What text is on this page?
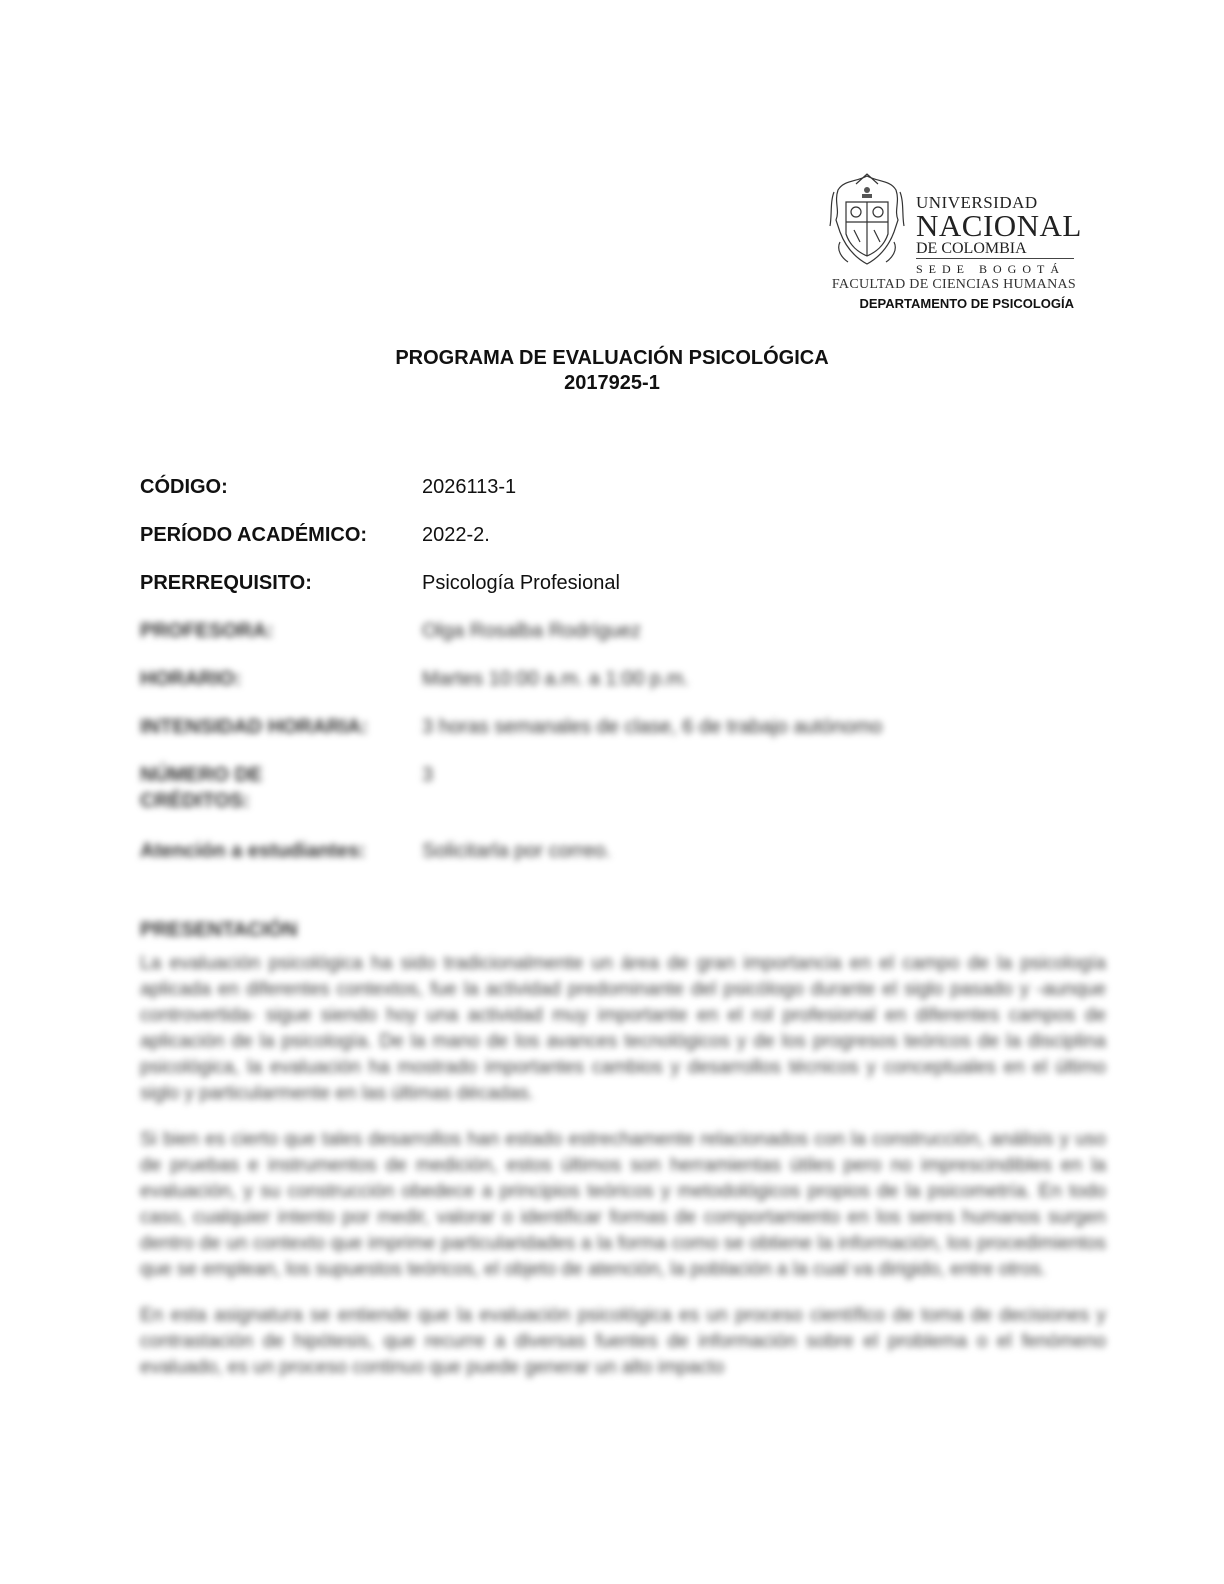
UNIVERSIDAD
NACIONAL
DE COLOMBIA
SEDE BOGOTÁ
FACULTAD DE CIENCIAS HUMANAS
DEPARTAMENTO DE PSICOLOGÍA
PROGRAMA DE EVALUACIÓN PSICOLÓGICA
2017925-1
CÓDIGO:	2026113-1
PERÍODO ACADÉMICO:	2022-2.
PRERREQUISITO:	Psicología Profesional
PROFESORA:	Olga Rosalba Rodríguez
HORARIO:	Martes 10:00 a.m. a 1:00 p.m.
INTENSIDAD HORARIA:	3 horas semanales de clase, 6 de trabajo autónomo
NÚMERO DE CRÉDITOS:
3
Atención a estudiantes:	Solicitarla por correo.
PRESENTACIÓN

La evaluación psicológica ha sido tradicionalmente un área de gran importancia en el campo de la psicología aplicada en diferentes contextos, fue la actividad predominante del psicólogo durante el siglo pasado y -aunque controvertida- sigue siendo hoy una actividad muy importante en el rol profesional en diferentes campos de aplicación de la psicología. De la mano de los avances tecnológicos y de los progresos teóricos de la disciplina psicológica, la evaluación ha mostrado importantes cambios y desarrollos técnicos y conceptuales en el último siglo y particularmente en las últimas décadas.

Si bien es cierto que tales desarrollos han estado estrechamente relacionados con la construcción, análisis y uso de pruebas e instrumentos de medición, estos últimos son herramientas útiles pero no imprescindibles en la evaluación, y su construcción obedece a principios teóricos y metodológicos propios de la psicometría. En todo caso, cualquier intento por medir, valorar o identificar formas de comportamiento en los seres humanos surgen dentro de un contexto que imprime particularidades a la forma como se obtiene la información, los procedimientos que se emplean, los supuestos teóricos, el objeto de atención, la población a la cual va dirigido, entre otros.

En esta asignatura se entiende que la evaluación psicológica es un proceso científico de toma de decisiones y contrastación de hipótesis, que recurre a diversas fuentes de información sobre el problema o el fenómeno evaluado, es un proceso continuo que puede generar un alto impacto
